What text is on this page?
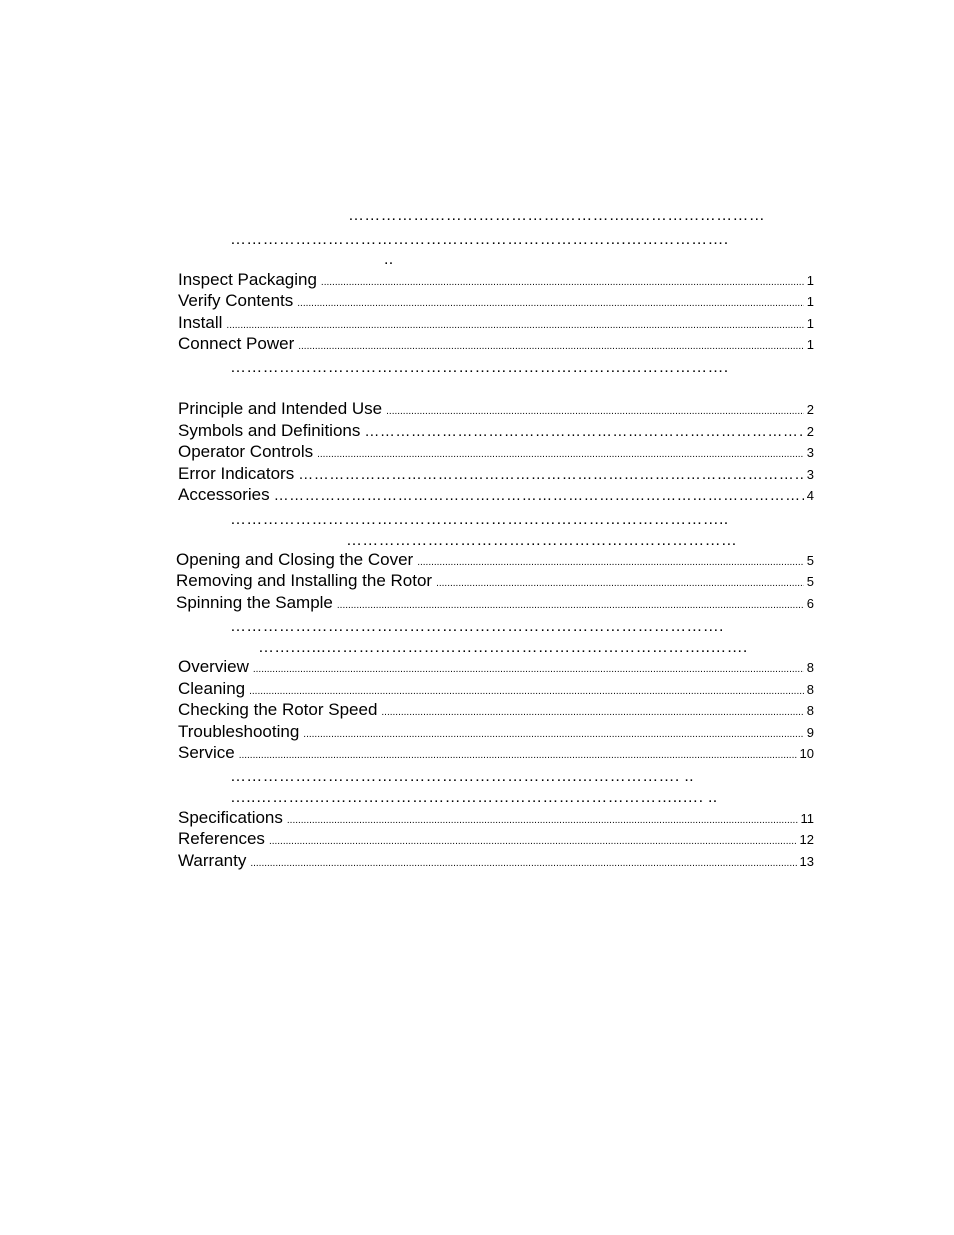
……………………………………………..……………………
……………………………………………………………….……………….
..
Inspect Packaging .....	1
Verify Contents .....	1
Install .....	1
Connect Power .....	1
……………………………………………………………….……………….
Principle and Intended Use .....	2
Symbols and Definitions ………………………………………………………………………………………………………………………………………………………………………………	2
Operator Controls .....	3
Error Indicators ………………………………………………………………………………………………………………………………………………………………………………	3
Accessories ………………………………………………………………………………………………………………………………………………………………………………	4
………………………………………………………………………………..
………………………………………………………………
Opening and Closing the Cover .....	5
Removing and Installing the Rotor .....	5
Spinning the Sample .....	6
……………………………………………………………………………….
…….…...……………………………………………………………..…….
Overview .....	8
Cleaning .....	8
Checking the Rotor Speed .....	8
Troubleshooting .....	9
Service .....	10
……………………………………………………….………………. ..
…..………..…………………………………………………………..…. ..
Specifications .....	11
References .....	12
Warranty .....	13
